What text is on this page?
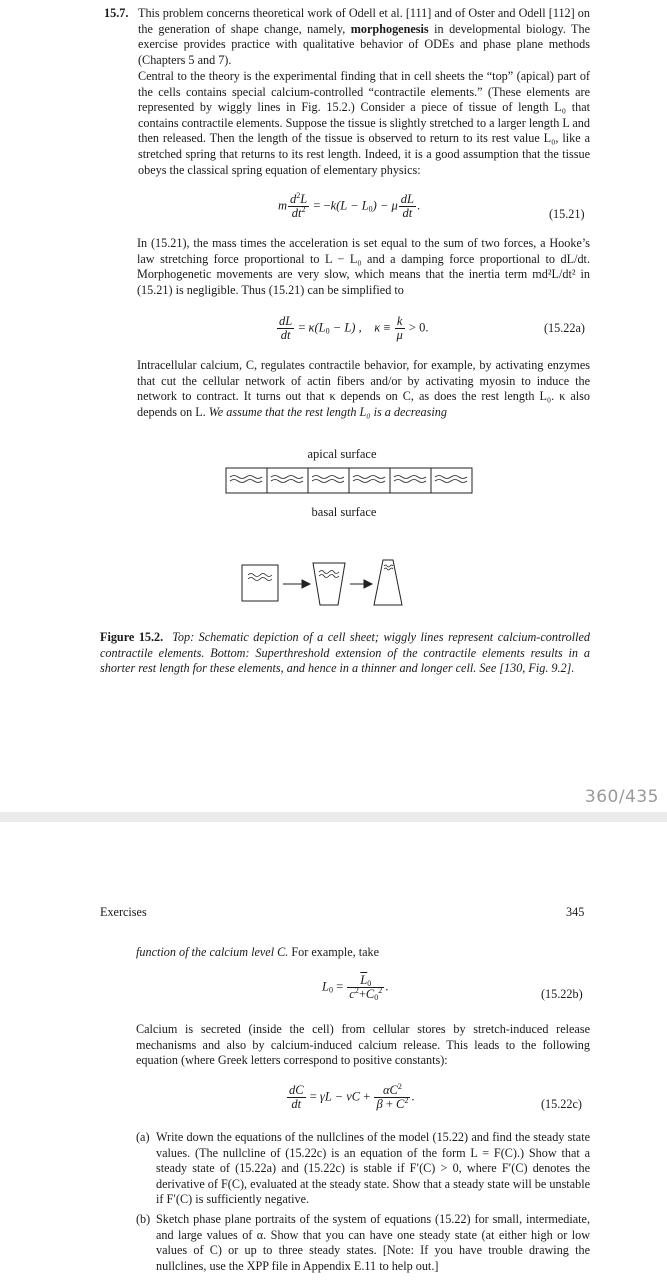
15.7. This problem concerns theoretical work of Odell et al. [111] and of Oster and Odell [112] on the generation of shape change, namely, morphogenesis in developmental biology. The exercise provides practice with qualitative behavior of ODEs and phase plane methods (Chapters 5 and 7).

Central to the theory is the experimental finding that in cell sheets the “top” (apical) part of the cells contains special calcium-controlled “contractile elements.” (These elements are represented by wiggly lines in Fig. 15.2.) Consider a piece of tissue of length L₀ that contains contractile elements. Suppose the tissue is slightly stretched to a larger length L and then released. Then the length of the tissue is observed to return to its rest value L₀, like a stretched spring that returns to its rest length. Indeed, it is a good assumption that the tissue obeys the classical spring equation of elementary physics:

m $\frac{d^2L}{dt^2} = -k(L - L_0) - \mu \frac{dL}{dt}$ .
(15.21)

In (15.21), the mass times the acceleration is set equal to the sum of two forces, a Hooke’s law stretching force proportional to L − L₀ and a damping force proportional to dL/dt. Morphogenetic movements are very slow, which means that the inertia term md²L/dt² in (15.21) is negligible. Thus (15.21) can be simplified to

$\frac{dL}{dt} = \kappa(L_0 - L)$ ,    $\kappa \equiv \frac{k}{\mu} > 0$.	(15.22a)

Intracellular calcium, C, regulates contractile behavior, for example, by activating enzymes that cut the cellular network of actin fibers and/or by activating myosin to induce the network to contract. It turns out that κ depends on C, as does the rest length L₀. κ also depends on L. We assume that the rest length L₀ is a decreasing

apical surface
basal surface

Figure 15.2. Top: Schematic depiction of a cell sheet; wiggly lines represent calcium-controlled contractile elements. Bottom: Superthreshold extension of the contractile elements results in a shorter rest length for these elements, and hence in a thinner and longer cell. See [130, Fig. 9.2].

360/435
Exercises	345

function of the calcium level C. For example, take

$L_0 = \frac{\overline{L}_0}{c^2+C_0^2}$ .
(15.22b)

Calcium is secreted (inside the cell) from cellular stores by stretch-induced release mechanisms and also by calcium-induced calcium release. This leads to the following equation (where Greek letters correspond to positive constants):

$\frac{dC}{dt} = \gamma L - \nu C + \frac{\alpha C^2}{\beta + C^2}$ .
(15.22c)
(a) Write down the equations of the nullclines of the model (15.22) and find the steady state values. (The nullcline of (15.22c) is an equation of the form L = F(C).) Show that a steady state of (15.22a) and (15.22c) is stable if F′(C) > 0, where F′(C) denotes the derivative of F(C), evaluated at the steady state. Show that a steady state will be unstable if F′(C) is sufficiently negative.
(b) Sketch phase plane portraits of the system of equations (15.22) for small, intermediate, and large values of α. Show that you can have one steady state (at either high or low values of C) or up to three steady states. [Note: If you have trouble drawing the nullclines, use the XPP file in Appendix E.11 to help out.]
